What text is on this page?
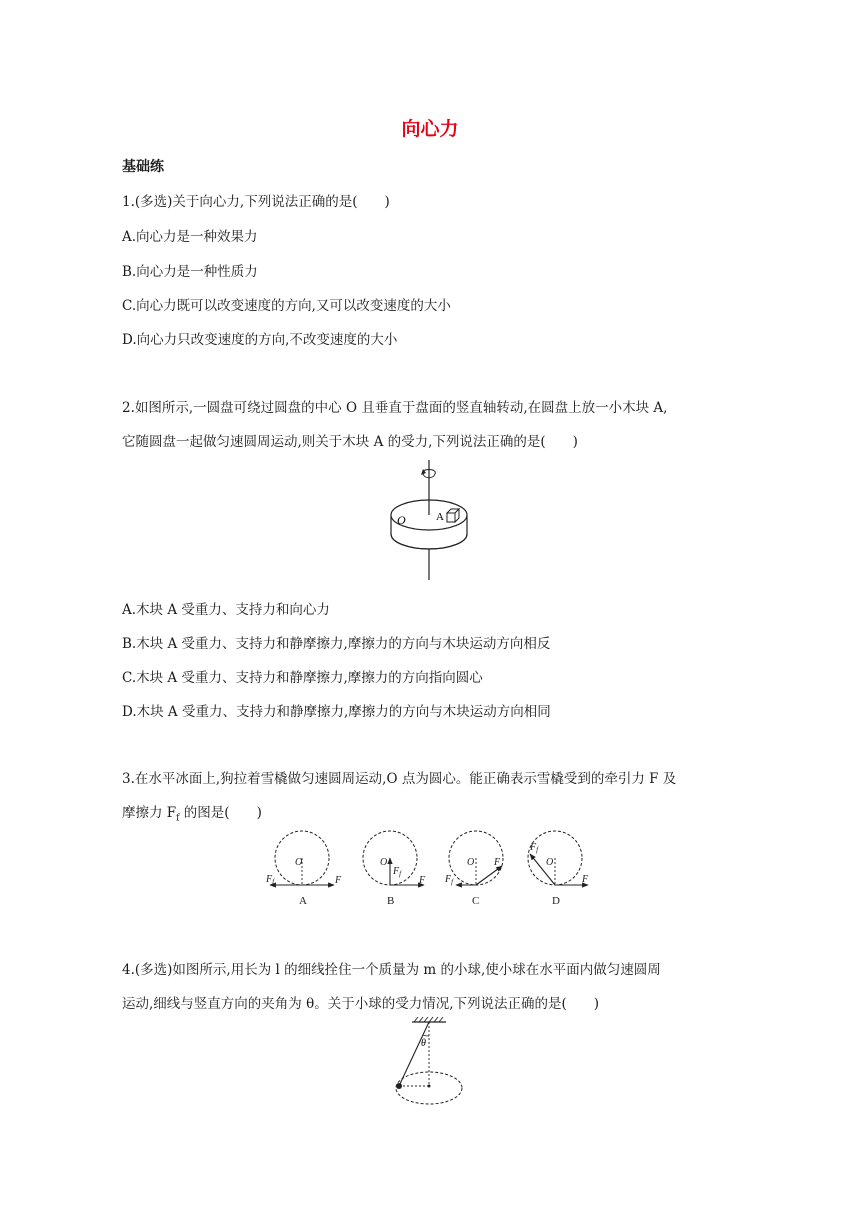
向心力
基础练
1.(多选)关于向心力,下列说法正确的是(　　)
A.向心力是一种效果力
B.向心力是一种性质力
C.向心力既可以改变速度的方向,又可以改变速度的大小
D.向心力只改变速度的方向,不改变速度的大小
2.如图所示,一圆盘可绕过圆盘的中心 O 且垂直于盘面的竖直轴转动,在圆盘上放一小木块 A,
它随圆盘一起做匀速圆周运动,则关于木块 A 的受力,下列说法正确的是(　　)
O	A
A.木块 A 受重力、支持力和向心力
B.木块 A 受重力、支持力和静摩擦力,摩擦力的方向与木块运动方向相反
C.木块 A 受重力、支持力和静摩擦力,摩擦力的方向指向圆心
D.木块 A 受重力、支持力和静摩擦力,摩擦力的方向与木块运动方向相同
3.在水平冰面上,狗拉着雪橇做匀速圆周运动,O 点为圆心。能正确表示雪橇受到的牵引力 F 及
摩擦力 $F_f$ 的图是(　　)
O
F
$F_f$
A
O
$F_f$
F
B
O F
$F_f$
C
O
F
$F_f$
D
4.(多选)如图所示,用长为 l 的细线拴住一个质量为 m 的小球,使小球在水平面内做匀速圆周
运动,细线与竖直方向的夹角为 θ。关于小球的受力情况,下列说法正确的是(　　)
θ
